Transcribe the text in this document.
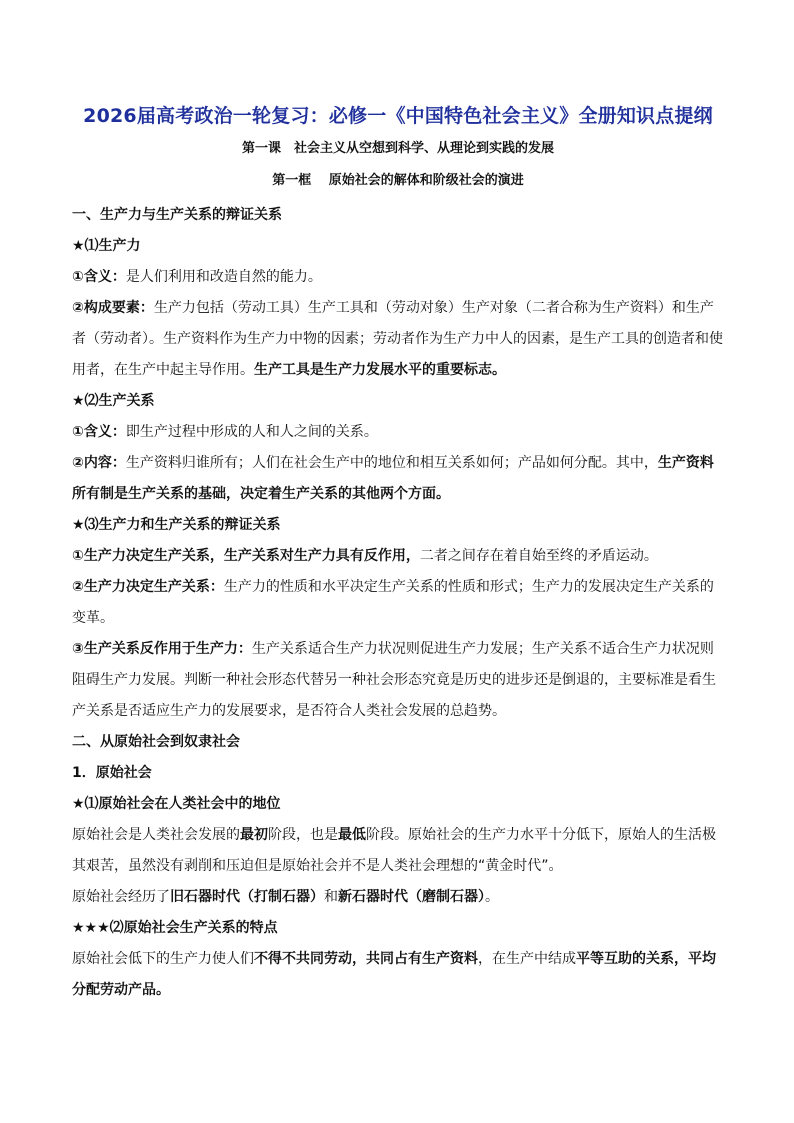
2026届高考政治一轮复习：必修一《中国特色社会主义》全册知识点提纲
第一课　社会主义从空想到科学、从理论到实践的发展
第一框　 原始社会的解体和阶级社会的演进
一、生产力与生产关系的辩证关系
★⑴生产力

①含义：是人们利用和改造自然的能力。

②构成要素：生产力包括（劳动工具）生产工具和（劳动对象）生产对象（二者合称为生产资料）和生产者（劳动者）。生产资料作为生产力中物的因素；劳动者作为生产力中人的因素，是生产工具的创造者和使用者，在生产中起主导作用。生产工具是生产力发展水平的重要标志。

★⑵生产关系

①含义：即生产过程中形成的人和人之间的关系。

②内容：生产资料归谁所有；人们在社会生产中的地位和相互关系如何；产品如何分配。其中，生产资料所有制是生产关系的基础，决定着生产关系的其他两个方面。

★⑶生产力和生产关系的辩证关系

①生产力决定生产关系，生产关系对生产力具有反作用，二者之间存在着自始至终的矛盾运动。

②生产力决定生产关系：生产力的性质和水平决定生产关系的性质和形式；生产力的发展决定生产关系的变革。

③生产关系反作用于生产力：生产关系适合生产力状况则促进生产力发展；生产关系不适合生产力状况则阻碍生产力发展。判断一种社会形态代替另一种社会形态究竟是历史的进步还是倒退的，主要标准是看生产关系是否适应生产力的发展要求，是否符合人类社会发展的总趋势。

二、从原始社会到奴隶社会
1．原始社会
★⑴原始社会在人类社会中的地位

原始社会是人类社会发展的最初阶段，也是最低阶段。原始社会的生产力水平十分低下，原始人的生活极其艰苦，虽然没有剥削和压迫但是原始社会并不是人类社会理想的“黄金时代”。

原始社会经历了旧石器时代（打制石器）和新石器时代（磨制石器）。

★★★⑵原始社会生产关系的特点

原始社会低下的生产力使人们不得不共同劳动，共同占有生产资料，在生产中结成平等互助的关系，平均分配劳动产品。
